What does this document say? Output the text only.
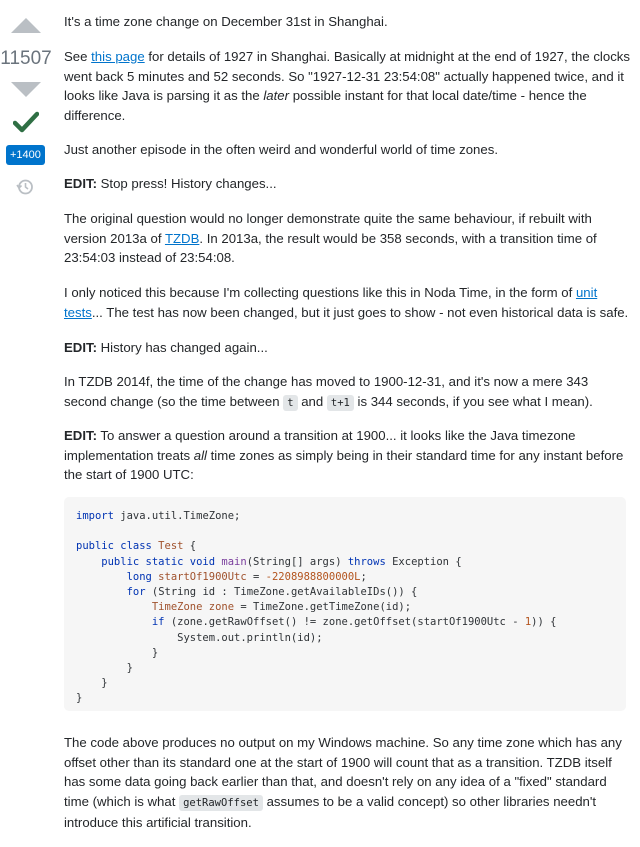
11507
+1400

It's a time zone change on December 31st in Shanghai.

See this page for details of 1927 in Shanghai. Basically at midnight at the end of 1927, the clocks went back 5 minutes and 52 seconds. So "1927-12-31 23:54:08" actually happened twice, and it looks like Java is parsing it as the later possible instant for that local date/time - hence the difference.

Just another episode in the often weird and wonderful world of time zones.

EDIT: Stop press! History changes...

The original question would no longer demonstrate quite the same behaviour, if rebuilt with version 2013a of TZDB. In 2013a, the result would be 358 seconds, with a transition time of 23:54:03 instead of 23:54:08.

I only noticed this because I'm collecting questions like this in Noda Time, in the form of unit tests... The test has now been changed, but it just goes to show - not even historical data is safe.

EDIT: History has changed again...

In TZDB 2014f, the time of the change has moved to 1900-12-31, and it's now a mere 343 second change (so the time between t and t+1 is 344 seconds, if you see what I mean).

EDIT: To answer a question around a transition at 1900... it looks like the Java timezone implementation treats all time zones as simply being in their standard time for any instant before the start of 1900 UTC:

import java.util.TimeZone;

public class Test {
public static void main(String[] args) throws Exception {
long startOf1900Utc = -2208988800000L;
for (String id : TimeZone.getAvailableIDs()) {
TimeZone zone = TimeZone.getTimeZone(id);
if (zone.getRawOffset() != zone.getOffset(startOf1900Utc - 1)) {
System.out.println(id);
}
}
}
}

The code above produces no output on my Windows machine. So any time zone which has any offset other than its standard one at the start of 1900 will count that as a transition. TZDB itself has some data going back earlier than that, and doesn't rely on any idea of a "fixed" standard time (which is what getRawOffset assumes to be a valid concept) so other libraries needn't introduce this artificial transition.
